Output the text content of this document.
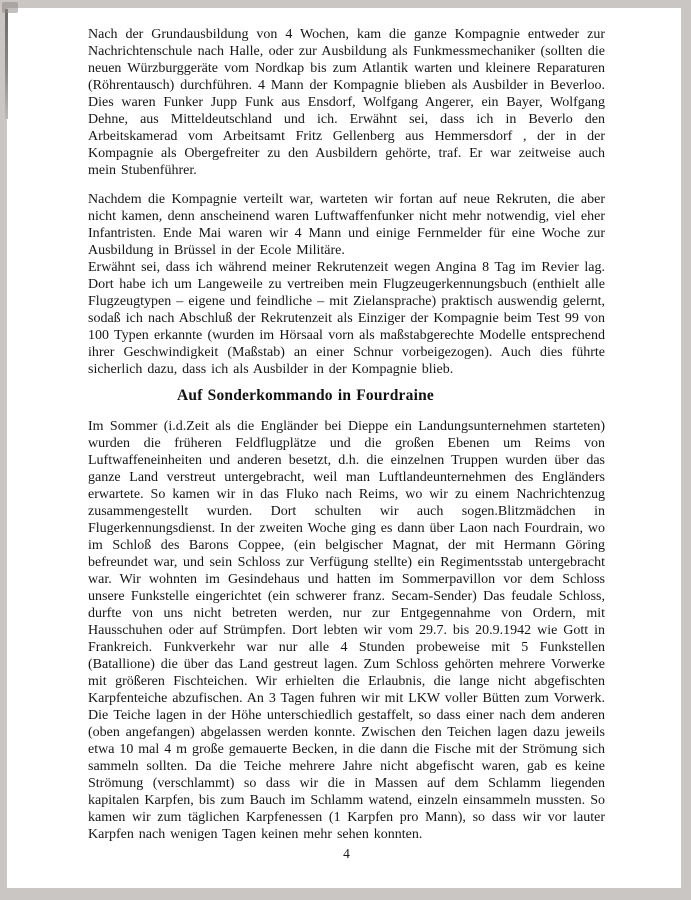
Nach der Grundausbildung von 4 Wochen, kam die ganze Kompagnie entweder zur Nachrichtenschule nach Halle, oder zur Ausbildung als Funkmessmechaniker (sollten die neuen Würzburggeräte vom Nordkap bis zum Atlantik warten und kleinere Reparaturen (Röhrentausch) durchführen. 4 Mann der Kompagnie blieben als Ausbilder in Beverloo. Dies waren Funker Jupp Funk aus Ensdorf, Wolfgang Angerer, ein Bayer, Wolfgang Dehne, aus Mitteldeutschland und ich. Erwähnt sei, dass ich in Beverlo den Arbeitskamerad vom Arbeitsamt Fritz Gellenberg aus Hemmersdorf , der in der Kompagnie als Obergefreiter zu den Ausbildern gehörte, traf. Er war zeitweise auch mein Stubenführer.

Nachdem die Kompagnie verteilt war, warteten wir fortan auf neue Rekruten, die aber nicht kamen, denn anscheinend waren Luftwaffenfunker nicht mehr notwendig, viel eher Infantristen. Ende Mai waren wir 4 Mann und einige Fernmelder für eine Woche zur Ausbildung in Brüssel in der Ecole Militäre.

Erwähnt sei, dass ich während meiner Rekrutenzeit wegen Angina 8 Tag im Revier lag. Dort habe ich um Langeweile zu vertreiben mein Flugzeugerkennungsbuch (enthielt alle Flugzeugtypen – eigene und feindliche – mit Zielansprache) praktisch auswendig gelernt, sodaß ich nach Abschluß der Rekrutenzeit als Einziger der Kompagnie beim Test 99 von 100 Typen erkannte (wurden im Hörsaal vorn als maßstabgerechte Modelle entsprechend ihrer Geschwindigkeit (Maßstab) an einer Schnur vorbeigezogen). Auch dies führte sicherlich dazu, dass ich als Ausbilder in der Kompagnie blieb.

Auf Sonderkommando in Fourdraine

Im Sommer (i.d.Zeit als die Engländer bei Dieppe ein Landungsunternehmen starteten) wurden die früheren Feldflugplätze und die großen Ebenen um Reims von Luftwaffeneinheiten und anderen besetzt, d.h. die einzelnen Truppen wurden über das ganze Land verstreut untergebracht, weil man Luftlandeunternehmen des Engländers erwartete. So kamen wir in das Fluko nach Reims, wo wir zu einem Nachrichtenzug zusammengestellt wurden. Dort schulten wir auch sogen.Blitzmädchen in Flugerkennungsdienst. In der zweiten Woche ging es dann über Laon nach Fourdrain, wo im Schloß des Barons Coppee, (ein belgischer Magnat, der mit Hermann Göring befreundet war, und sein Schloss zur Verfügung stellte) ein Regimentsstab untergebracht war. Wir wohnten im Gesindehaus und hatten im Sommerpavillon vor dem Schloss unsere Funkstelle eingerichtet (ein schwerer franz. Secam-Sender) Das feudale Schloss, durfte von uns nicht betreten werden, nur zur Entgegennahme von Ordern, mit Hausschuhen oder auf Strümpfen. Dort lebten wir vom 29.7. bis 20.9.1942 wie Gott in Frankreich. Funkverkehr war nur alle 4 Stunden probeweise mit 5 Funkstellen (Batallione) die über das Land gestreut lagen. Zum Schloss gehörten mehrere Vorwerke mit größeren Fischteichen. Wir erhielten die Erlaubnis, die lange nicht abgefischten Karpfenteiche abzufischen. An 3 Tagen fuhren wir mit LKW voller Bütten zum Vorwerk. Die Teiche lagen in der Höhe unterschiedlich gestaffelt, so dass einer nach dem anderen (oben angefangen) abgelassen werden konnte. Zwischen den Teichen lagen dazu jeweils etwa 10 mal 4 m große gemauerte Becken, in die dann die Fische mit der Strömung sich sammeln sollten. Da die Teiche mehrere Jahre nicht abgefischt waren, gab es keine Strömung (verschlammt) so dass wir die in Massen auf dem Schlamm liegenden kapitalen Karpfen, bis zum Bauch im Schlamm watend, einzeln einsammeln mussten. So kamen wir zum täglichen Karpfenessen (1 Karpfen pro Mann), so dass wir vor lauter Karpfen nach wenigen Tagen keinen mehr sehen konnten.

4
